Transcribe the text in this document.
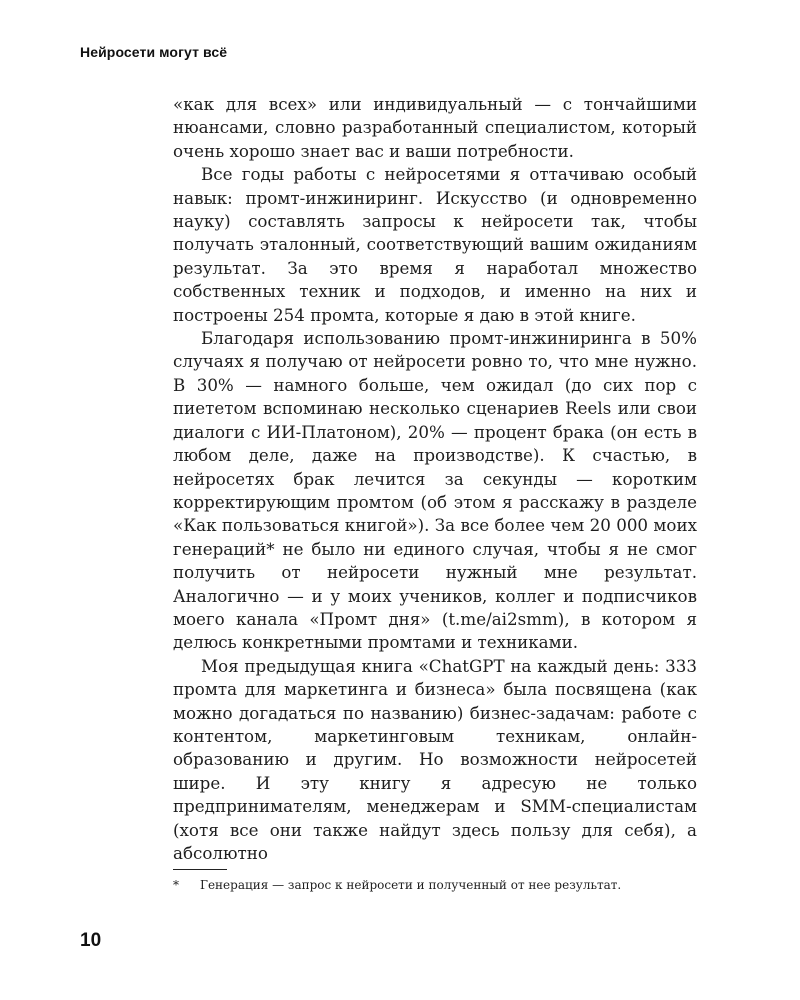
Нейросети могут всё

«как для всех» или индивидуальный — с тончайшими нюансами, словно разработанный специалистом, который очень хорошо знает вас и ваши потребности.

Все годы работы с нейросетями я оттачиваю особый навык: промт-инжиниринг. Искусство (и одновременно науку) составлять запросы к нейросети так, чтобы получать эталонный, соответствующий вашим ожиданиям результат. За это время я наработал множество собственных техник и подходов, и именно на них и построены 254 промта, которые я даю в этой книге.

Благодаря использованию промт-инжиниринга в 50% случаях я получаю от нейросети ровно то, что мне нужно. В 30% — намного больше, чем ожидал (до сих пор с пиететом вспоминаю несколько сценариев Reels или свои диалоги с ИИ-Платоном), 20% — процент брака (он есть в любом деле, даже на производстве). К счастью, в нейросетях брак лечится за секунды — коротким корректирующим промтом (об этом я расскажу в разделе «Как пользоваться книгой»). За все более чем 20 000 моих генераций* не было ни единого случая, чтобы я не смог получить от нейросети нужный мне результат. Аналогично — и у моих учеников, коллег и подписчиков моего канала «Промт дня» (t.me/ai2smm), в котором я делюсь конкретными промтами и техниками.

Моя предыдущая книга «ChatGPT на каждый день: 333 промта для маркетинга и бизнеса» была посвящена (как можно догадаться по названию) бизнес-задачам: работе с контентом, маркетинговым техникам, онлайн-образованию и другим. Но возможности нейросетей шире. И эту книгу я адресую не только предпринимателям, менеджерам и SMM-специалистам (хотя все они также найдут здесь пользу для себя), а абсолютно

* Генерация — запрос к нейросети и полученный от нее результат.
10
